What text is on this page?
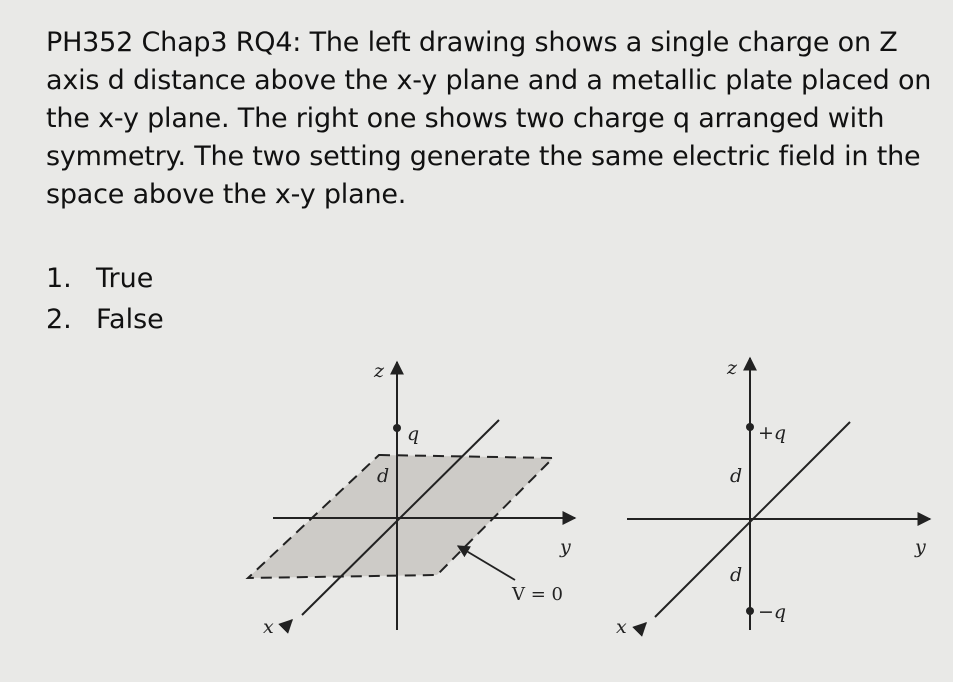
PH352 Chap3 RQ4: The left drawing shows a single charge on Z axis d distance above the x-y plane and a metallic plate placed on the x-y plane. The right one shows two charge q arranged with symmetry. The two setting generate the same electric field in the space above the x-y plane.
1. True
2. False
z
q
d
y
x
V = 0
z
+q
d
d
−q
y
x
